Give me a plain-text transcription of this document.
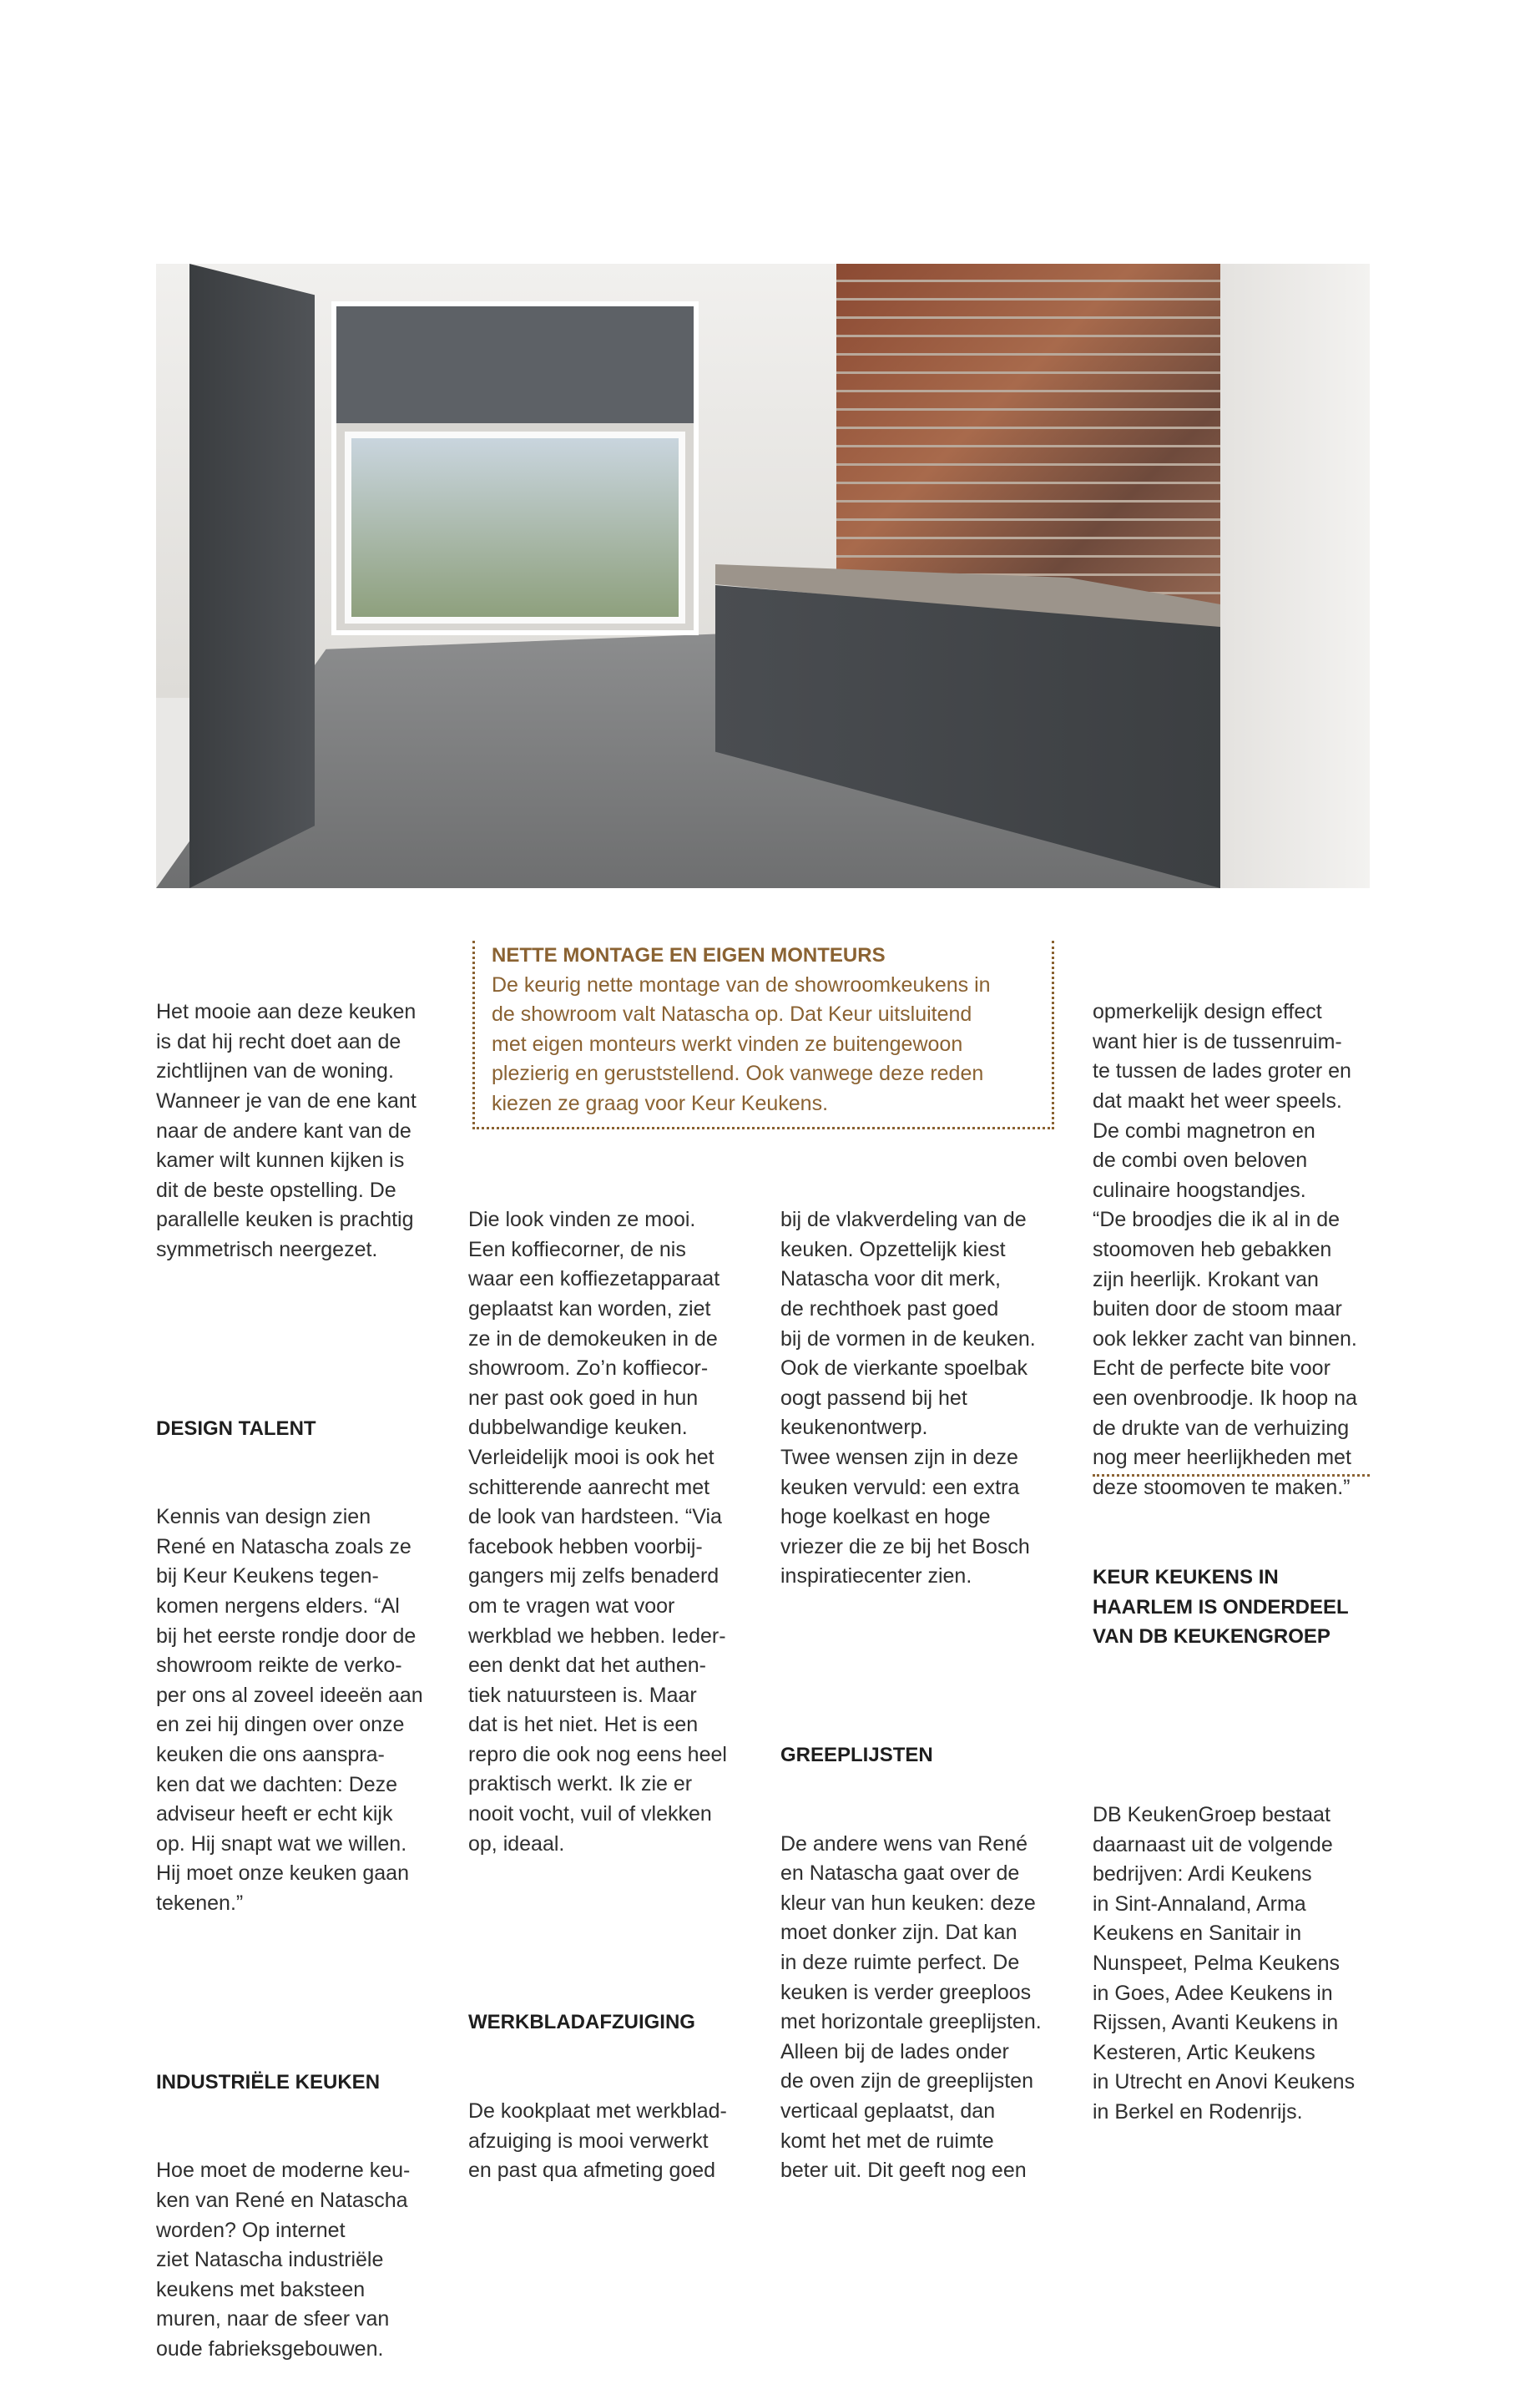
Het mooie aan deze keuken
is dat hij recht doet aan de
zichtlijnen van de woning.
Wanneer je van de ene kant
naar de andere kant van de
kamer wilt kunnen kijken is
dit de beste opstelling. De
parallelle keuken is prachtig
symmetrisch neergezet.

DESIGN TALENT

Kennis van design zien
René en Natascha zoals ze
bij Keur Keukens tegen-
komen nergens elders. “Al
bij het eerste rondje door de
showroom reikte de verko-
per ons al zoveel ideeën aan
en zei hij dingen over onze
keuken die ons aanspra-
ken dat we dachten: Deze
adviseur heeft er echt kijk
op. Hij snapt wat we willen.
Hij moet onze keuken gaan
tekenen.”

INDUSTRIËLE KEUKEN

Hoe moet de moderne keu-
ken van René en Natascha
worden? Op internet
ziet Natascha industriële
keukens met baksteen
muren, naar de sfeer van
oude fabrieksgebouwen.

NETTE MONTAGE EN EIGEN MONTEURS

De keurig nette montage van de showroomkeukens in
de showroom valt Natascha op. Dat Keur uitsluitend
met eigen monteurs werkt vinden ze buitengewoon
plezierig en geruststellend. Ook vanwege deze reden
kiezen ze graag voor Keur Keukens.

Die look vinden ze mooi.
Een koffiecorner, de nis
waar een koffiezetapparaat
geplaatst kan worden, ziet
ze in de demokeuken in de
showroom. Zo’n koffiecor-
ner past ook goed in hun
dubbelwandige keuken.
Verleidelijk mooi is ook het
schitterende aanrecht met
de look van hardsteen. “Via
facebook hebben voorbij-
gangers mij zelfs benaderd
om te vragen wat voor
werkblad we hebben. Ieder-
een denkt dat het authen-
tiek natuursteen is. Maar
dat is het niet. Het is een
repro die ook nog eens heel
praktisch werkt. Ik zie er
nooit vocht, vuil of vlekken
op, ideaal.

WERKBLADAFZUIGING

De kookplaat met werkblad-
afzuiging is mooi verwerkt
en past qua afmeting goed

bij de vlakverdeling van de
keuken. Opzettelijk kiest
Natascha voor dit merk,
de rechthoek past goed
bij de vormen in de keuken.
Ook de vierkante spoelbak
oogt passend bij het
keukenontwerp.
Twee wensen zijn in deze
keuken vervuld: een extra
hoge koelkast en hoge
vriezer die ze bij het Bosch
inspiratiecenter zien.

GREEPLIJSTEN

De andere wens van René
en Natascha gaat over de
kleur van hun keuken: deze
moet donker zijn. Dat kan
in deze ruimte perfect. De
keuken is verder greeploos
met horizontale greeplijsten.
Alleen bij de lades onder
de oven zijn de greeplijsten
verticaal geplaatst, dan
komt het met de ruimte
beter uit. Dit geeft nog een

opmerkelijk design effect
want hier is de tussenruim-
te tussen de lades groter en
dat maakt het weer speels.
De combi magnetron en
de combi oven beloven
culinaire hoogstandjes.
“De broodjes die ik al in de
stoomoven heb gebakken
zijn heerlijk. Krokant van
buiten door de stoom maar
ook lekker zacht van binnen.
Echt de perfecte bite voor
een ovenbroodje. Ik hoop na
de drukte van de verhuizing
nog meer heerlijkheden met
deze stoomoven te maken.”

KEUR KEUKENS IN
HAARLEM IS ONDERDEEL
VAN DB KEUKENGROEP

DB KeukenGroep bestaat
daarnaast uit de volgende
bedrijven: Ardi Keukens
in Sint-Annaland, Arma
Keukens en Sanitair in
Nunspeet, Pelma Keukens
in Goes, Adee Keukens in
Rijssen, Avanti Keukens in
Kesteren, Artic Keukens
in Utrecht en Anovi Keukens
in Berkel en Rodenrijs.
